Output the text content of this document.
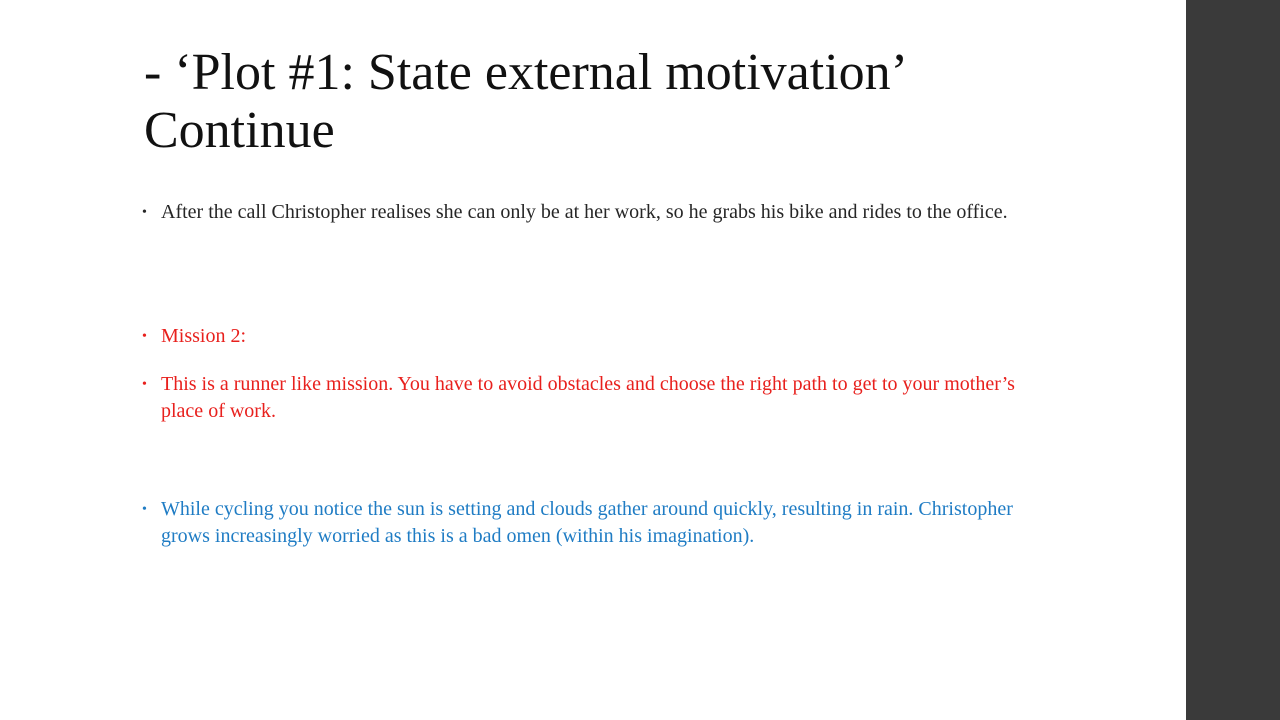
- ‘Plot #1: State external motivation’
Continue
• After the call Christopher realises she can only be at her work, so he grabs his bike and rides to the office.
• Mission 2:
• This is a runner like mission. You have to avoid obstacles and choose the right path to get to your mother’s place of work.
• While cycling you notice the sun is setting and clouds gather around quickly, resulting in rain. Christopher grows increasingly worried as this is a bad omen (within his imagination).
